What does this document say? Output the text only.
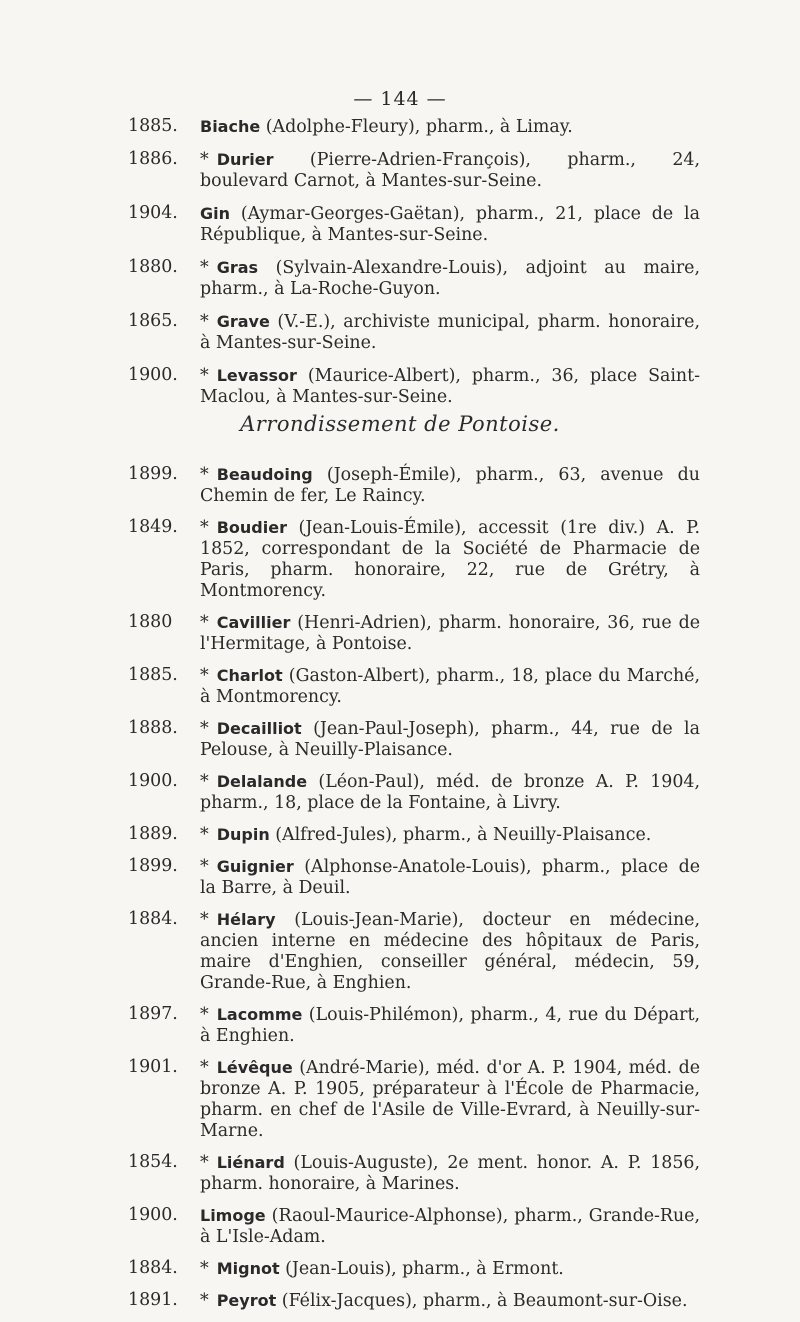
— 144 —
1885.	Biache (Adolphe-Fleury), pharm., à Limay.
1886.	* Durier (Pierre-Adrien-François), pharm., 24, boulevard Carnot, à Mantes-sur-Seine.
1904.	Gin (Aymar-Georges-Gaëtan), pharm., 21, place de la République, à Mantes-sur-Seine.
1880.	* Gras (Sylvain-Alexandre-Louis), adjoint au maire, pharm., à La-Roche-Guyon.
1865.	* Grave (V.-E.), archiviste municipal, pharm. honoraire, à Mantes-sur-Seine.
1900.	* Levassor (Maurice-Albert), pharm., 36, place Saint-Maclou, à Mantes-sur-Seine.
Arrondissement de Pontoise.
1899.	* Beaudoing (Joseph-Émile), pharm., 63, avenue du Chemin de fer, Le Raincy.
1849.	* Boudier (Jean-Louis-Émile), accessit (1re div.) A. P. 1852, correspondant de la Société de Pharmacie de Paris, pharm. honoraire, 22, rue de Grétry, à Montmorency.
1880	* Cavillier (Henri-Adrien), pharm. honoraire, 36, rue de l'Hermitage, à Pontoise.
1885.	* Charlot (Gaston-Albert), pharm., 18, place du Marché, à Montmorency.
1888.	* Decailliot (Jean-Paul-Joseph), pharm., 44, rue de la Pelouse, à Neuilly-Plaisance.
1900.	* Delalande (Léon-Paul), méd. de bronze A. P. 1904, pharm., 18, place de la Fontaine, à Livry.
1889.	* Dupin (Alfred-Jules), pharm., à Neuilly-Plaisance.
1899.	* Guignier (Alphonse-Anatole-Louis), pharm., place de la Barre, à Deuil.
1884.	* Hélary (Louis-Jean-Marie), docteur en médecine, ancien interne en médecine des hôpitaux de Paris, maire d'Enghien, conseiller général, médecin, 59, Grande-Rue, à Enghien.
1897.	* Lacomme (Louis-Philémon), pharm., 4, rue du Départ, à Enghien.
1901.	* Lévêque (André-Marie), méd. d'or A. P. 1904, méd. de bronze A. P. 1905, préparateur à l'École de Pharmacie, pharm. en chef de l'Asile de Ville-Evrard, à Neuilly-sur-Marne.
1854.	* Liénard (Louis-Auguste), 2e ment. honor. A. P. 1856, pharm. honoraire, à Marines.
1900.	Limoge (Raoul-Maurice-Alphonse), pharm., Grande-Rue, à L'Isle-Adam.
1884.	* Mignot (Jean-Louis), pharm., à Ermont.
1891.	* Peyrot (Félix-Jacques), pharm., à Beaumont-sur-Oise.
